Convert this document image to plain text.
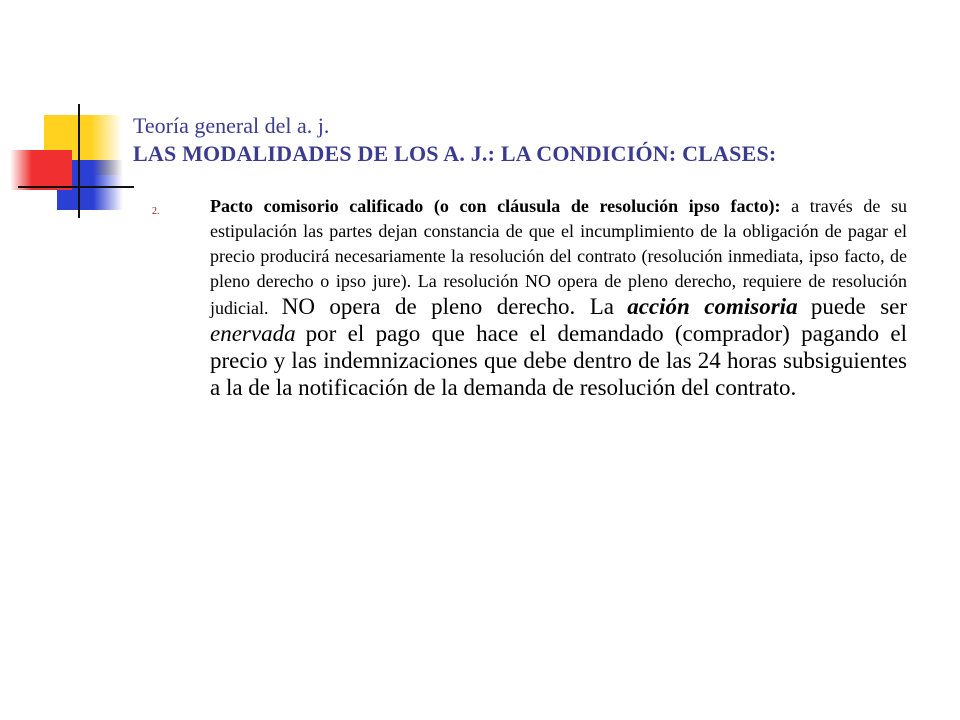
Teoría general del a. j.
LAS MODALIDADES DE LOS A. J.: LA CONDICIÓN: CLASES:
2.	Pacto comisorio calificado (o con cláusula de resolución ipso facto): a través de su estipulación las partes dejan constancia de que el incumplimiento de la obligación de pagar el precio producirá necesariamente la resolución del contrato (resolución inmediata, ipso facto, de pleno derecho o ipso jure). La resolución NO opera de pleno derecho, requiere de resolución judicial. NO opera de pleno derecho. La acción comisoria puede ser enervada por el pago que hace el demandado (comprador) pagando el precio y las indemnizaciones que debe dentro de las 24 horas subsiguientes a la de la notificación de la demanda de resolución del contrato.
